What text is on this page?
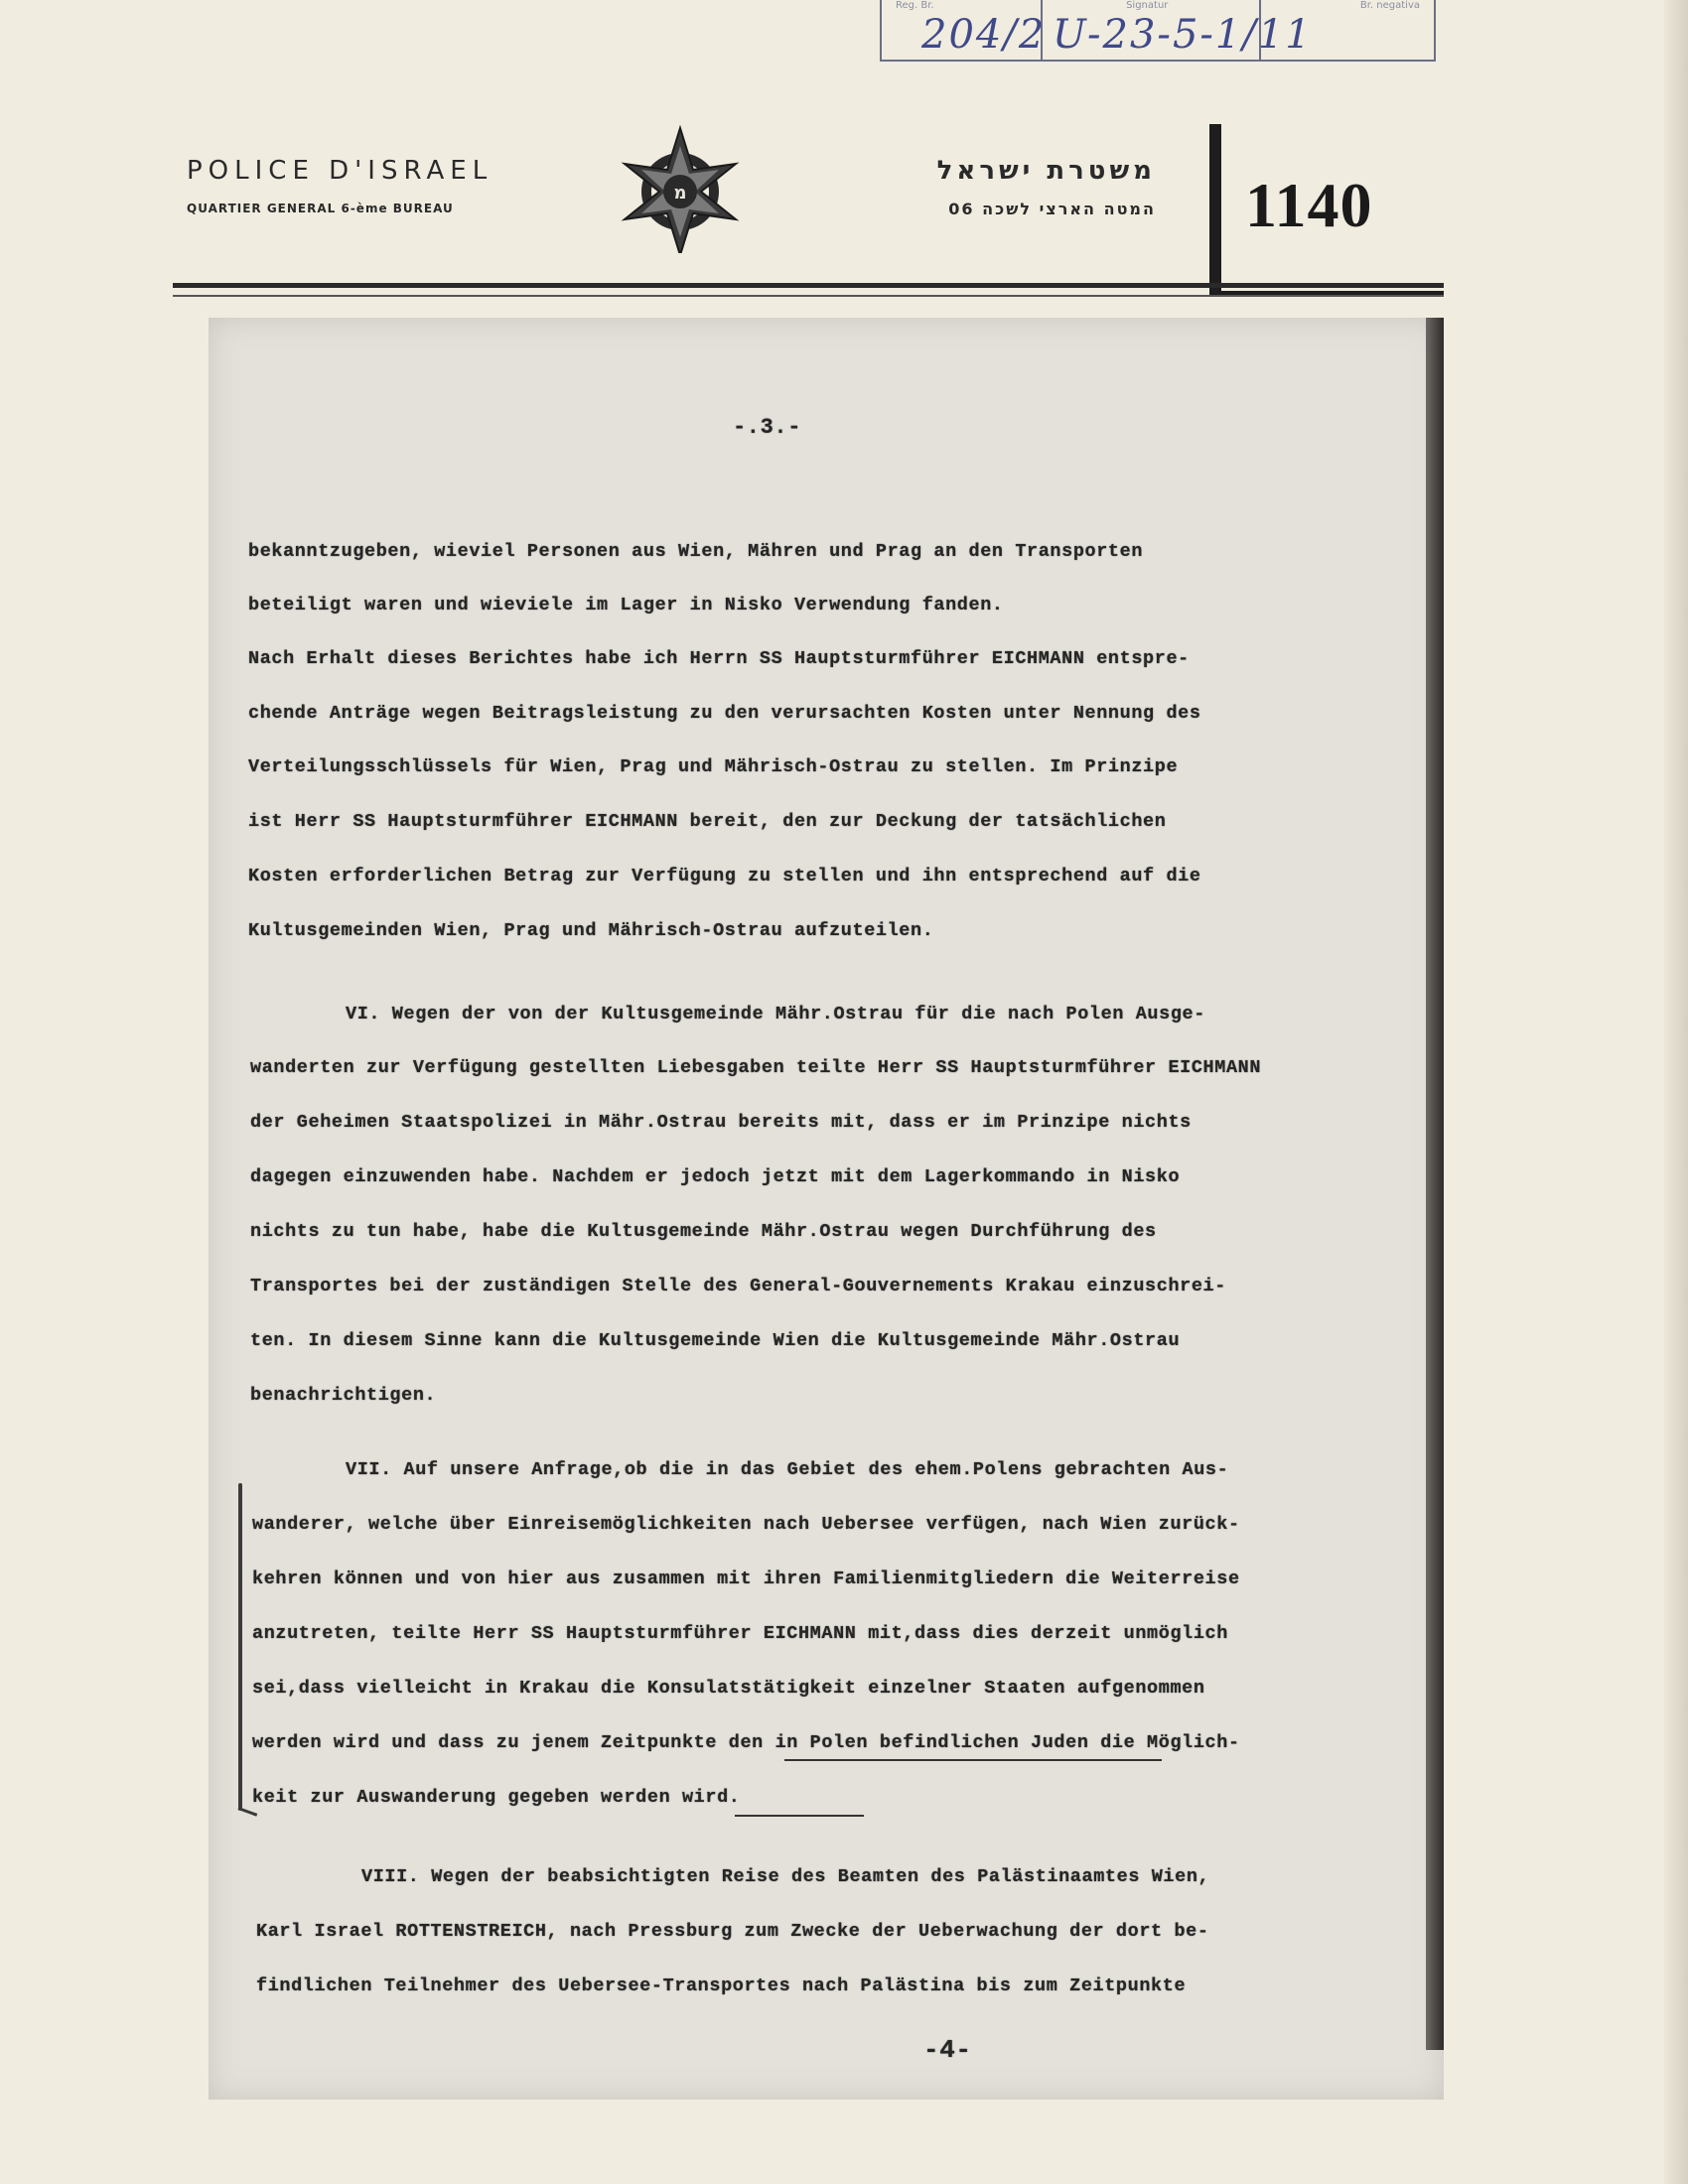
Reg. Br.	Signatur	Br. negativa
204/2 U-23-5-1/11
POLICE D'ISRAEL
QUARTIER GENERAL 6-ème BUREAU
מ
משטרת ישראל
המטה הארצי לשכה 06 1140
-.3.-
bekanntzugeben, wieviel Personen aus Wien, Mähren und Prag an den Transporten
beteiligt waren und wieviele im Lager in Nisko Verwendung fanden.
Nach Erhalt dieses Berichtes habe ich Herrn SS Hauptsturmführer EICHMANN entspre-
chende Anträge wegen Beitragsleistung zu den verursachten Kosten unter Nennung des
Verteilungsschlüssels für Wien, Prag und Mährisch-Ostrau zu stellen. Im Prinzipe
ist Herr SS Hauptsturmführer EICHMANN bereit, den zur Deckung der tatsächlichen
Kosten erforderlichen Betrag zur Verfügung zu stellen und ihn entsprechend auf die
Kultusgemeinden Wien, Prag und Mährisch-Ostrau aufzuteilen.
VI. Wegen der von der Kultusgemeinde Mähr.Ostrau für die nach Polen Ausge-
wanderten zur Verfügung gestellten Liebesgaben teilte Herr SS Hauptsturmführer EICHMANN
der Geheimen Staatspolizei in Mähr.Ostrau bereits mit, dass er im Prinzipe nichts
dagegen einzuwenden habe. Nachdem er jedoch jetzt mit dem Lagerkommando in Nisko
nichts zu tun habe, habe die Kultusgemeinde Mähr.Ostrau wegen Durchführung des
Transportes bei der zuständigen Stelle des General-Gouvernements Krakau einzuschrei-
ten. In diesem Sinne kann die Kultusgemeinde Wien die Kultusgemeinde Mähr.Ostrau
benachrichtigen.
VII. Auf unsere Anfrage,ob die in das Gebiet des ehem.Polens gebrachten Aus-
wanderer, welche über Einreisemöglichkeiten nach Uebersee verfügen, nach Wien zurück-
kehren können und von hier aus zusammen mit ihren Familienmitgliedern die Weiterreise
anzutreten, teilte Herr SS Hauptsturmführer EICHMANN mit,dass dies derzeit unmöglich
sei,dass vielleicht in Krakau die Konsulatstätigkeit einzelner Staaten aufgenommen
werden wird und dass zu jenem Zeitpunkte den in Polen befindlichen Juden die Möglich-
keit zur Auswanderung gegeben werden wird.
VIII. Wegen der beabsichtigten Reise des Beamten des Palästinaamtes Wien,
Karl Israel ROTTENSTREICH, nach Pressburg zum Zwecke der Ueberwachung der dort be-
findlichen Teilnehmer des Uebersee-Transportes nach Palästina bis zum Zeitpunkte
-4-
